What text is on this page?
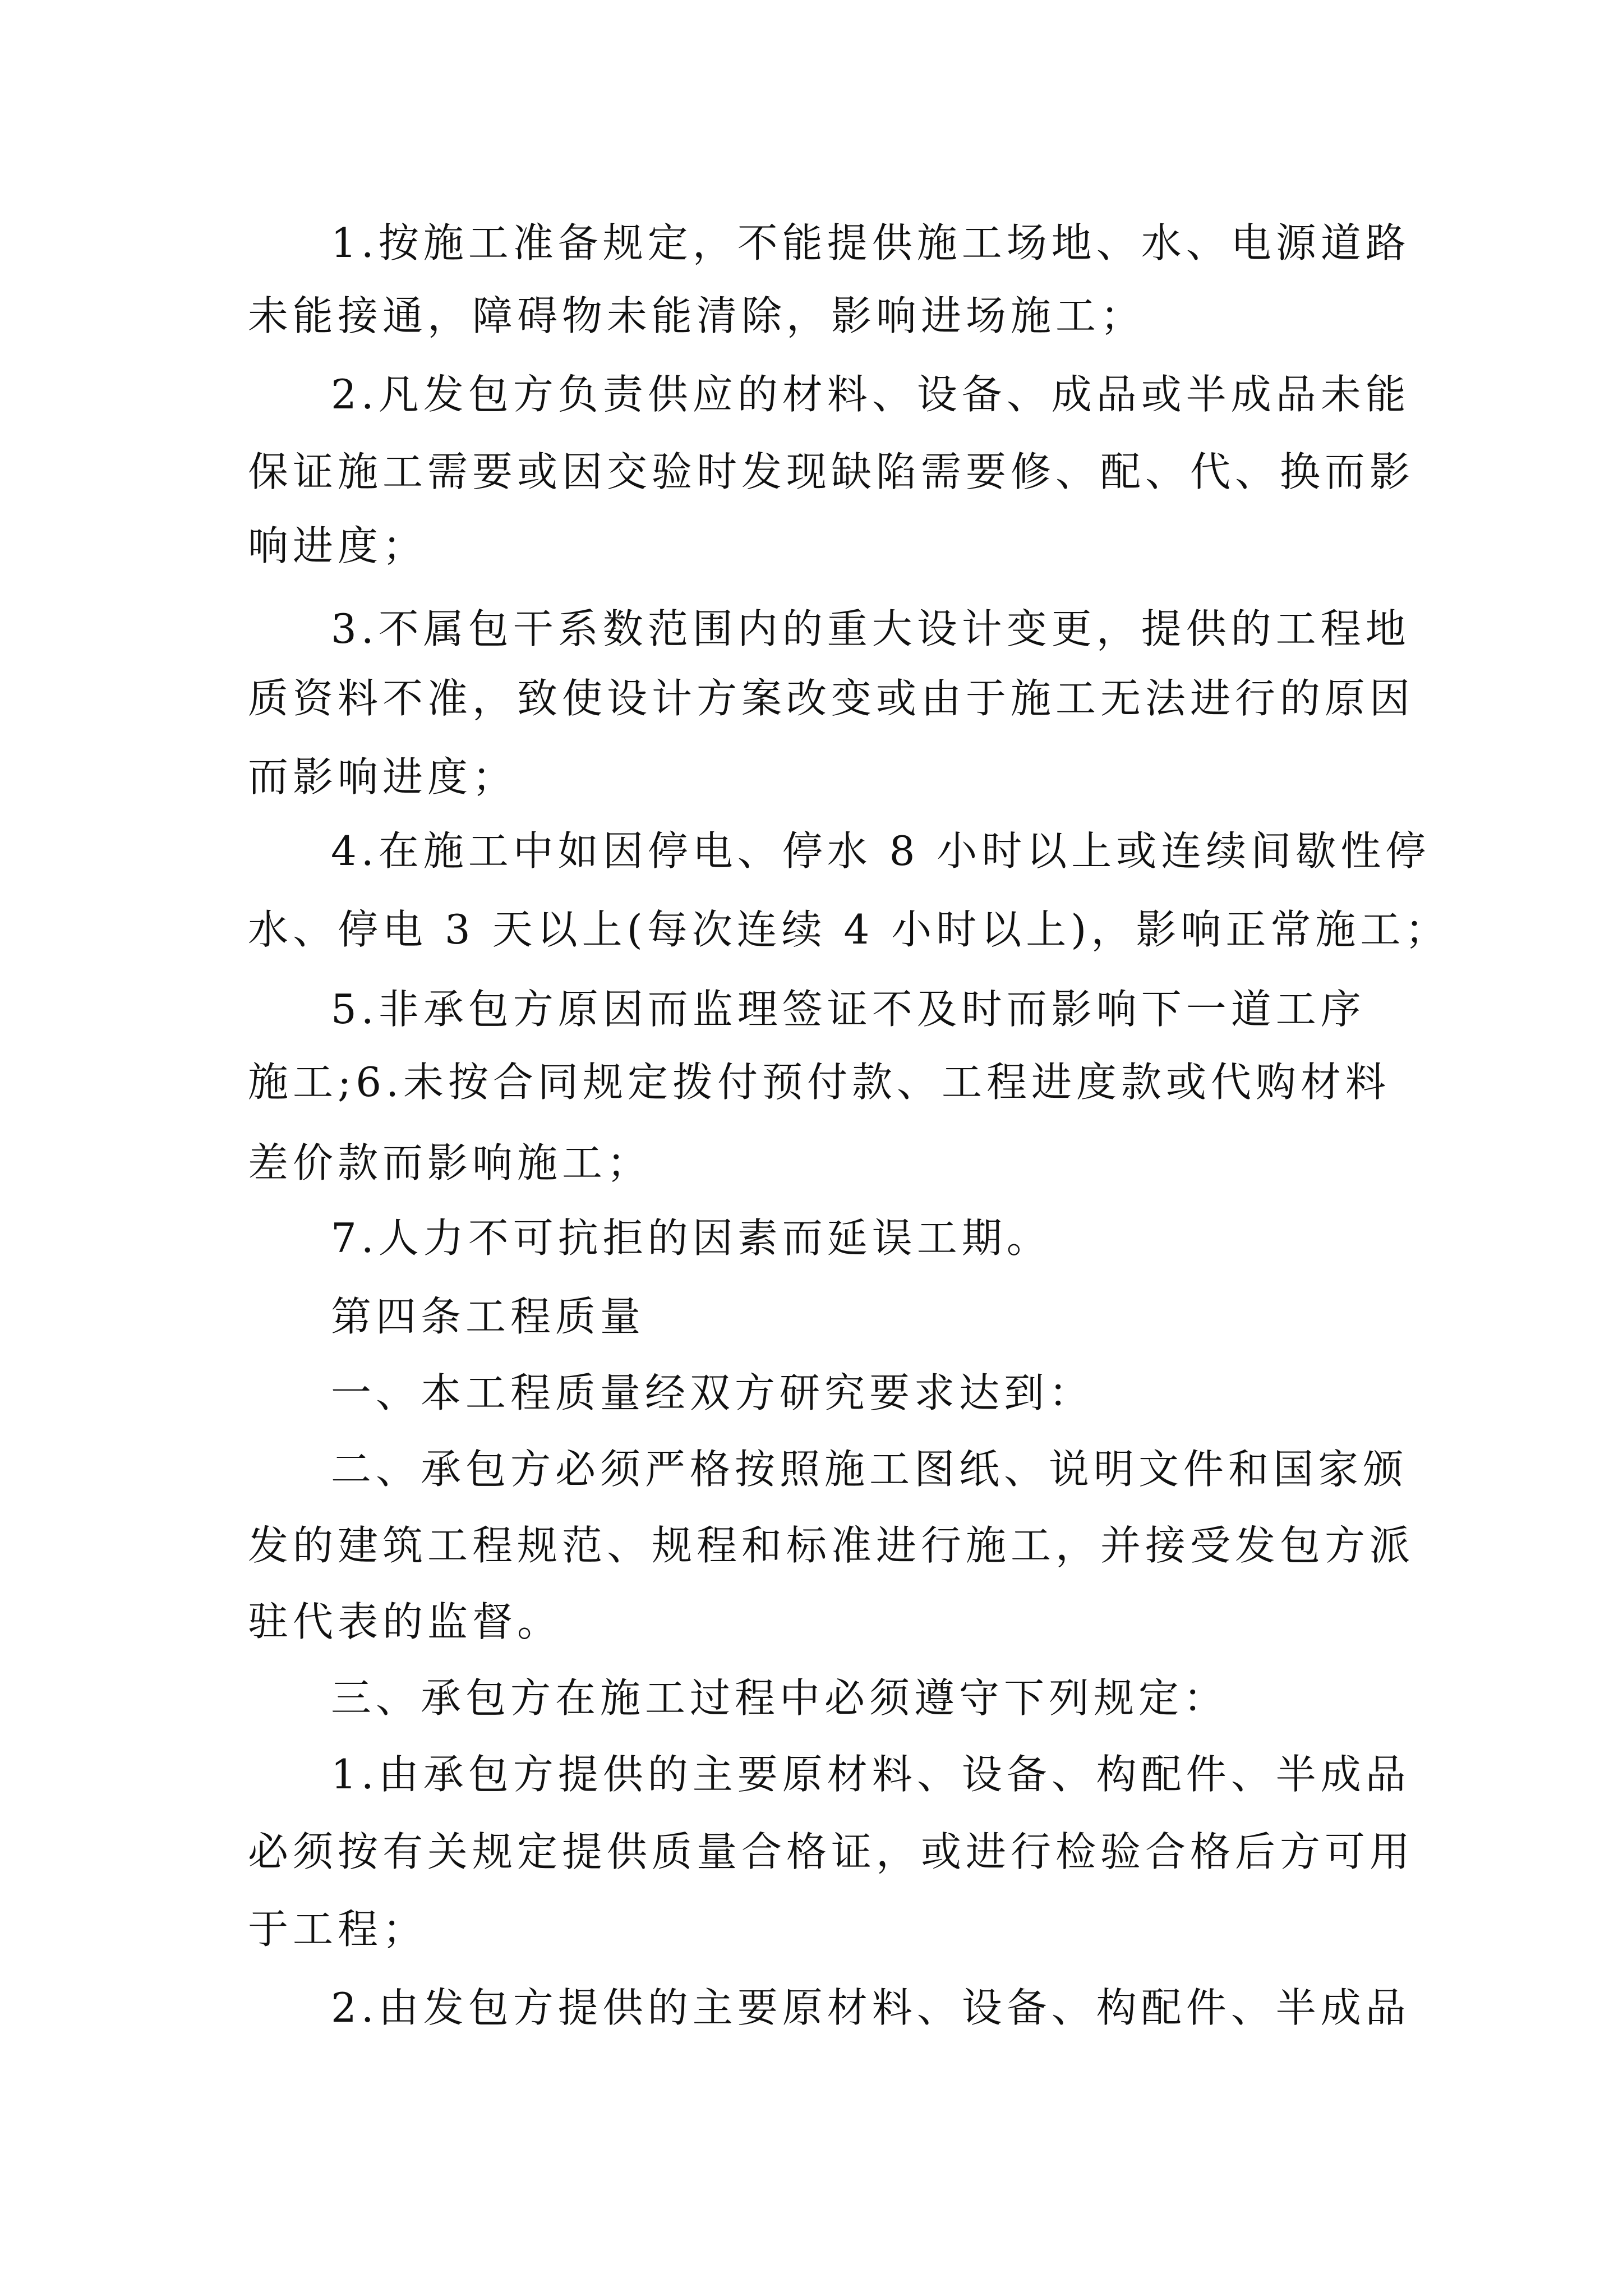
1.按施工准备规定，不能提供施工场地、水、电源道路
未能接通，障碍物未能清除，影响进场施工；
2.凡发包方负责供应的材料、设备、成品或半成品未能
保证施工需要或因交验时发现缺陷需要修、配、代、换而影
响进度；
3.不属包干系数范围内的重大设计变更，提供的工程地
质资料不准，致使设计方案改变或由于施工无法进行的原因
而影响进度；
4.在施工中如因停电、停水 8 小时以上或连续间歇性停
水、停电 3 天以上(每次连续 4 小时以上)，影响正常施工；
5.非承包方原因而监理签证不及时而影响下一道工序
施工;6.未按合同规定拨付预付款、工程进度款或代购材料
差价款而影响施工；
7.人力不可抗拒的因素而延误工期。
第四条工程质量
一、本工程质量经双方研究要求达到：
二、承包方必须严格按照施工图纸、说明文件和国家颁
发的建筑工程规范、规程和标准进行施工，并接受发包方派
驻代表的监督。
三、承包方在施工过程中必须遵守下列规定：
1.由承包方提供的主要原材料、设备、构配件、半成品
必须按有关规定提供质量合格证，或进行检验合格后方可用
于工程；
2.由发包方提供的主要原材料、设备、构配件、半成品
